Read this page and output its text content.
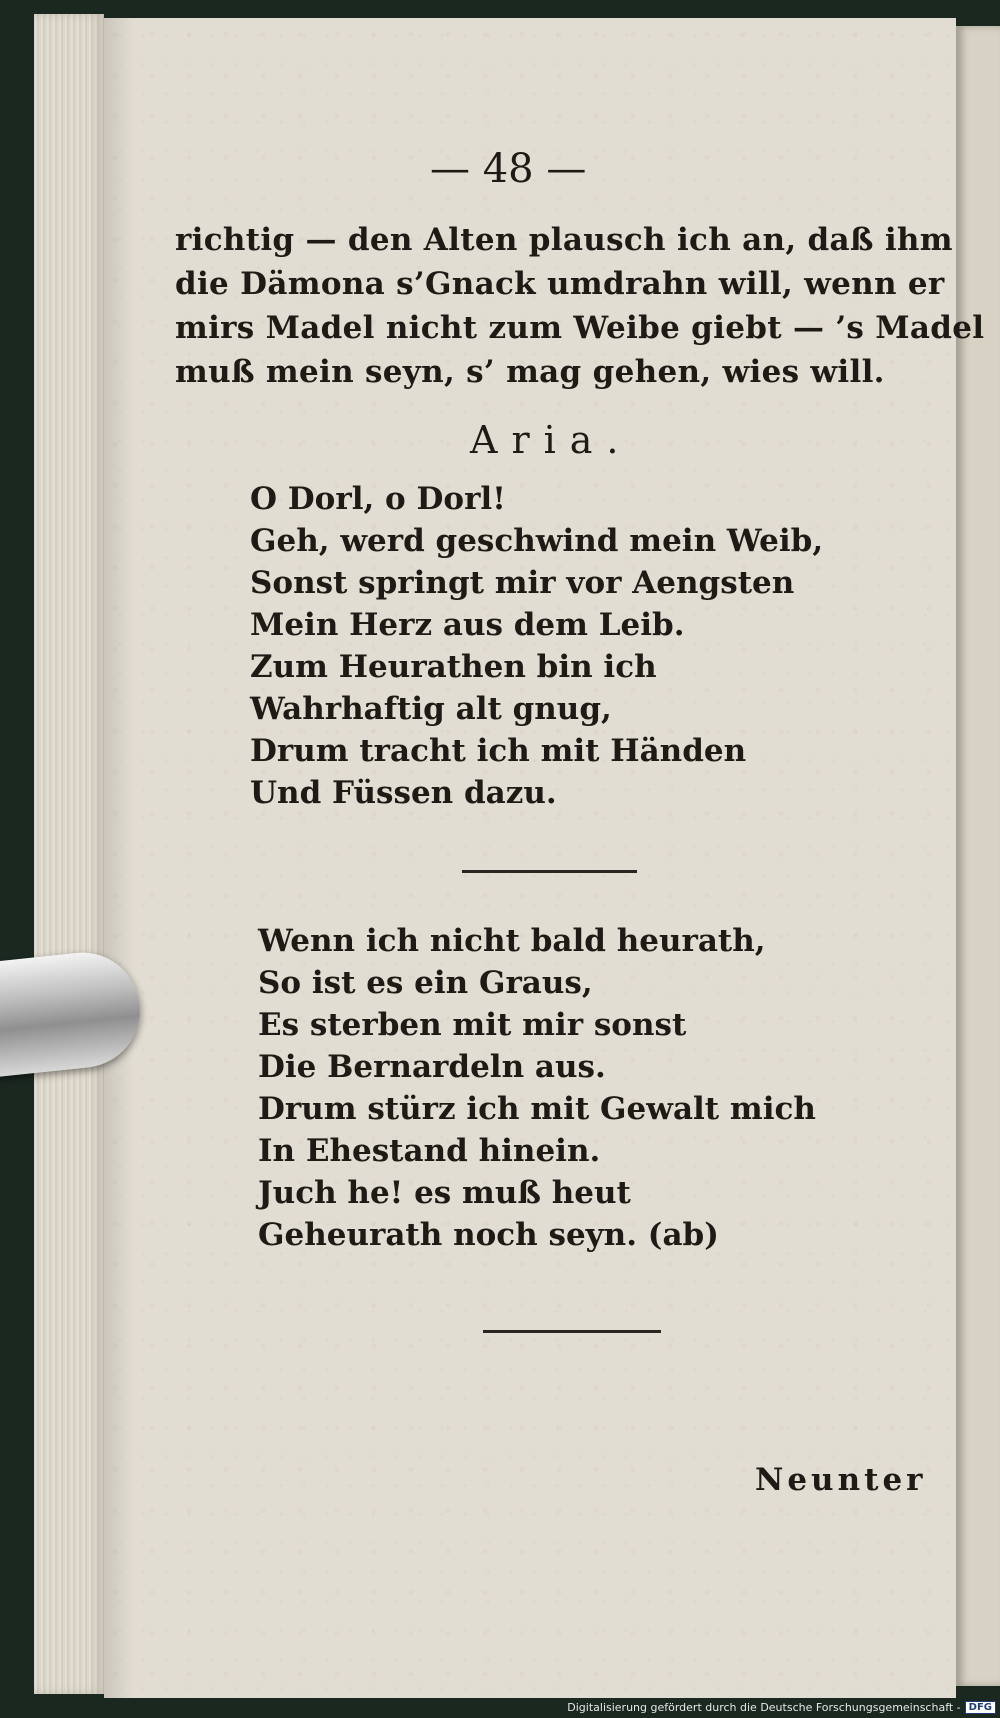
— 48 —
richtig — den Alten plausch ich an, daß ihm
die Dämona s’Gnack umdrahn will, wenn er
mirs Madel nicht zum Weibe giebt — ’s Madel
muß mein seyn, s’ mag gehen, wies will.
Aria.
O Dorl, o Dorl!
Geh, werd geschwind mein Weib,
Sonst springt mir vor Aengsten
Mein Herz aus dem Leib.
Zum Heurathen bin ich
Wahrhaftig alt gnug,
Drum tracht ich mit Händen
Und Füssen dazu.
Wenn ich nicht bald heurath,
So ist es ein Graus,
Es sterben mit mir sonst
Die Bernardeln aus.
Drum stürz ich mit Gewalt mich
In Ehestand hinein.
Juch he! es muß heut
Geheurath noch seyn. (ab)
Neunter
Digitalisierung gefördert durch die Deutsche Forschungsgemeinschaft - DFG
